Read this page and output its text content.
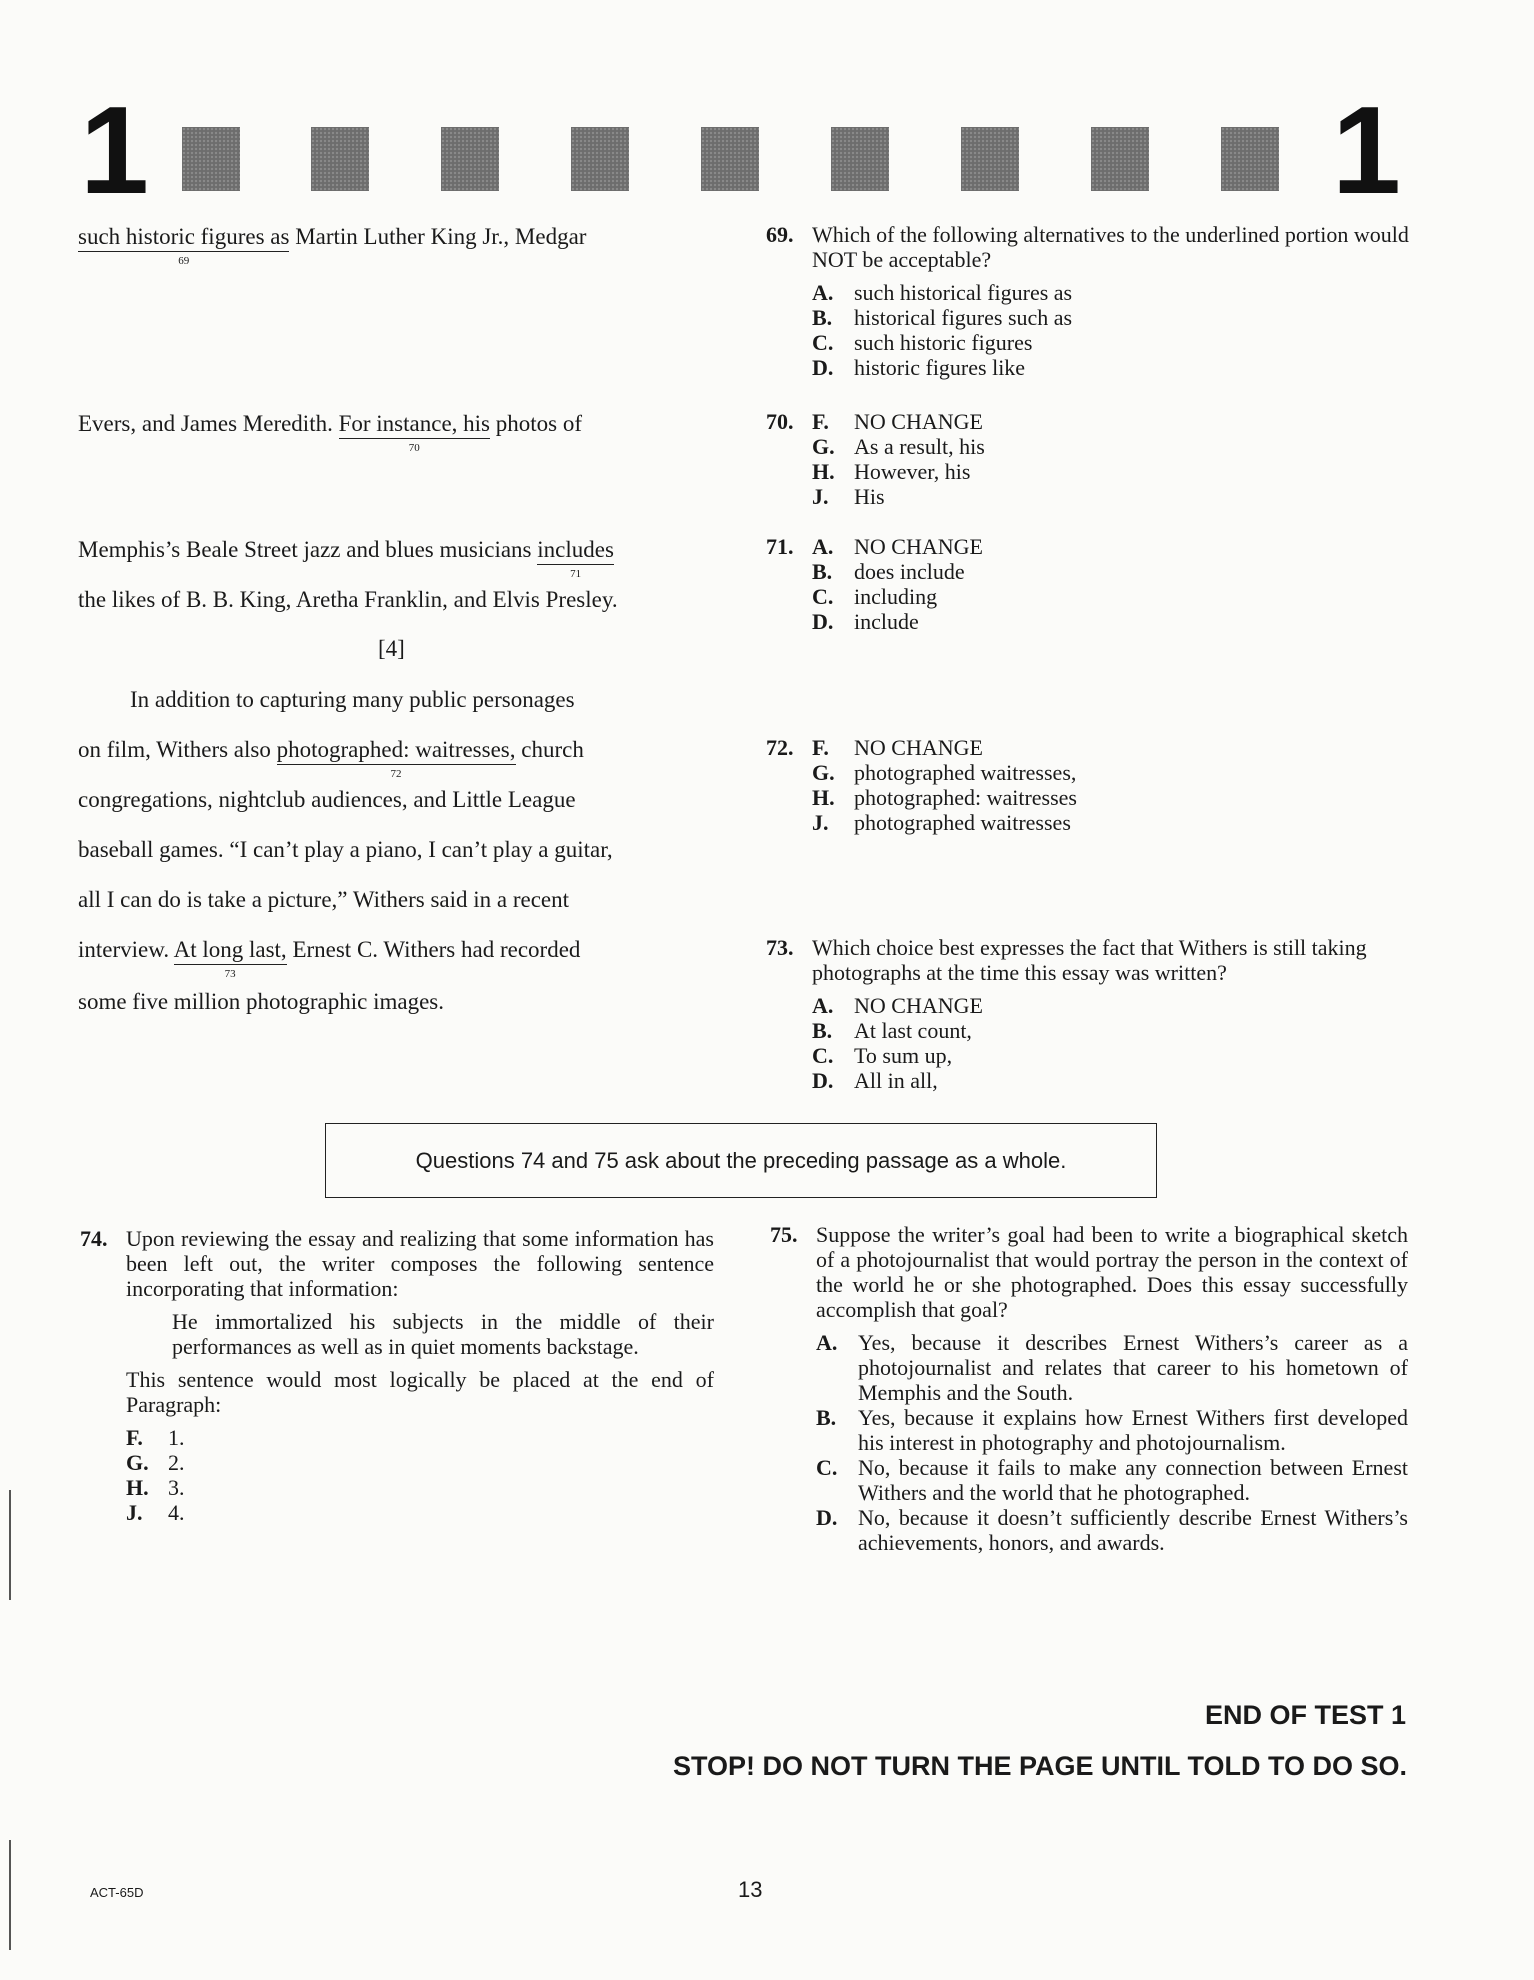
1	1
such historic figures as
69
Martin Luther King Jr., Medgar
Evers, and James Meredith. For instance, his
70
photos of
Memphis’s Beale Street jazz and blues musicians includes
71
the likes of B. B. King, Aretha Franklin, and Elvis Presley.
[4]
In addition to capturing many public personages
on film, Withers also photographed: waitresses,
72
church
congregations, nightclub audiences, and Little League
baseball games. “I can’t play a piano, I can’t play a guitar,
all I can do is take a picture,” Withers said in a recent
interview. At long last,
73
Ernest C. Withers had recorded
some five million photographic images.
69. Which of the following alternatives to the underlined portion would NOT be acceptable?
A. such historical figures as
B. historical figures such as
C. such historic figures
D. historic figures like
70. F.	NO CHANGE
G. As a result, his
H. However, his
J.	His
71. A. NO CHANGE
B. does include
C. including
D. include
72. F.	NO CHANGE
G. photographed waitresses,
H. photographed: waitresses
J.	photographed waitresses
73. Which choice best expresses the fact that Withers is still taking photographs at the time this essay was written?
A. NO CHANGE
B. At last count,
C. To sum up,
D. All in all,
Questions 74 and 75 ask about the preceding passage as a whole.
74. Upon reviewing the essay and realizing that some information has been left out, the writer composes the following sentence incorporating that information:
He immortalized his subjects in the middle of their performances as well as in quiet moments backstage.
This sentence would most logically be placed at the end of Paragraph:
F.	1.
G. 2.
H. 3.
J.	4.
75. Suppose the writer’s goal had been to write a biographical sketch of a photojournalist that would portray the person in the context of the world he or she photographed. Does this essay successfully accomplish that goal?
A. Yes, because it describes Ernest Withers’s career as a photojournalist and relates that career to his hometown of Memphis and the South.
B. Yes, because it explains how Ernest Withers first developed his interest in photography and photojournalism.
C. No, because it fails to make any connection between Ernest Withers and the world that he photographed.
D. No, because it doesn’t sufficiently describe Ernest Withers’s achievements, honors, and awards.
END OF TEST 1
STOP! DO NOT TURN THE PAGE UNTIL TOLD TO DO SO.
ACT-65D	13
